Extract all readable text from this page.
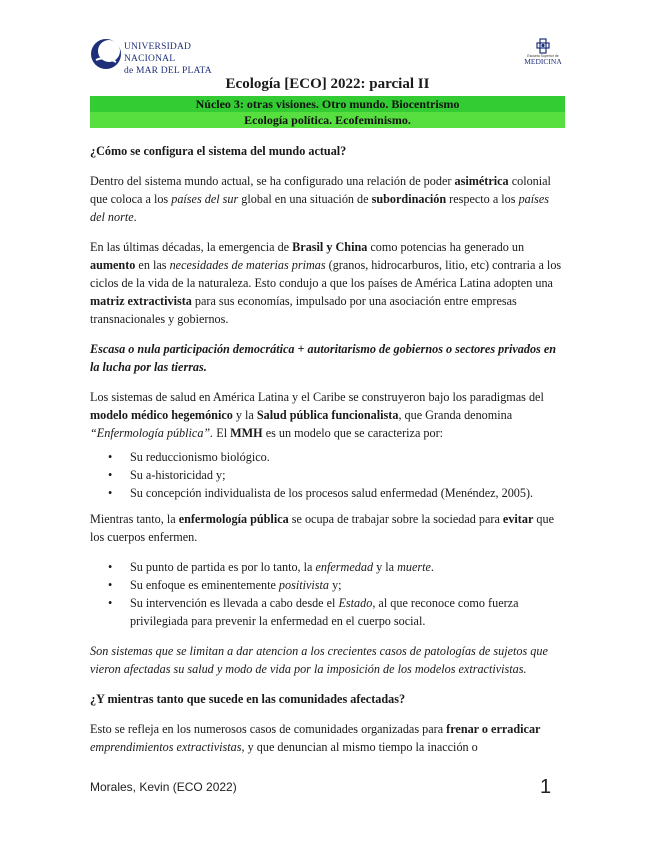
UNIVERSIDAD NACIONAL
de MAR DEL PLATA
Escuela Superior de
MEDICINA
Ecología [ECO] 2022: parcial II
Núcleo 3: otras visiones. Otro mundo. Biocentrismo
Ecología política. Ecofeminismo.

¿Cómo se configura el sistema del mundo actual?

Dentro del sistema mundo actual, se ha configurado una relación de poder asimétrica colonial que coloca a los países del sur global en una situación de subordinación respecto a los países del norte.

En las últimas décadas, la emergencia de Brasil y China como potencias ha generado un aumento en las necesidades de materias primas (granos, hidrocarburos, litio, etc) contraria a los ciclos de la vida de la naturaleza. Esto condujo a que los países de América Latina adopten una matriz extractivista para sus economías, impulsado por una asociación entre empresas transnacionales y gobiernos.

Escasa o nula participación democrática + autoritarismo de gobiernos o sectores privados en la lucha por las tierras.

Los sistemas de salud en América Latina y el Caribe se construyeron bajo los paradigmas del modelo médico hegemónico y la Salud pública funcionalista, que Granda denomina “Enfermología pública”. El MMH es un modelo que se caracteriza por:

• Su reduccionismo biológico.
• Su a-historicidad y;
• Su concepción individualista de los procesos salud enfermedad (Menéndez, 2005).

Mientras tanto, la enfermología pública se ocupa de trabajar sobre la sociedad para evitar que los cuerpos enfermen.

• Su punto de partida es por lo tanto, la enfermedad y la muerte.
• Su enfoque es eminentemente positivista y;
• Su intervención es llevada a cabo desde el Estado, al que reconoce como fuerza privilegiada para prevenir la enfermedad en el cuerpo social.

Son sistemas que se limitan a dar atencion a los crecientes casos de patologías de sujetos que vieron afectadas su salud y modo de vida por la imposición de los modelos extractivistas.

¿Y mientras tanto que sucede en las comunidades afectadas?

Esto se refleja en los numerosos casos de comunidades organizadas para frenar o erradicar emprendimientos extractivistas, y que denuncian al mismo tiempo la inacción o

Morales, Kevin (ECO 2022)	1
